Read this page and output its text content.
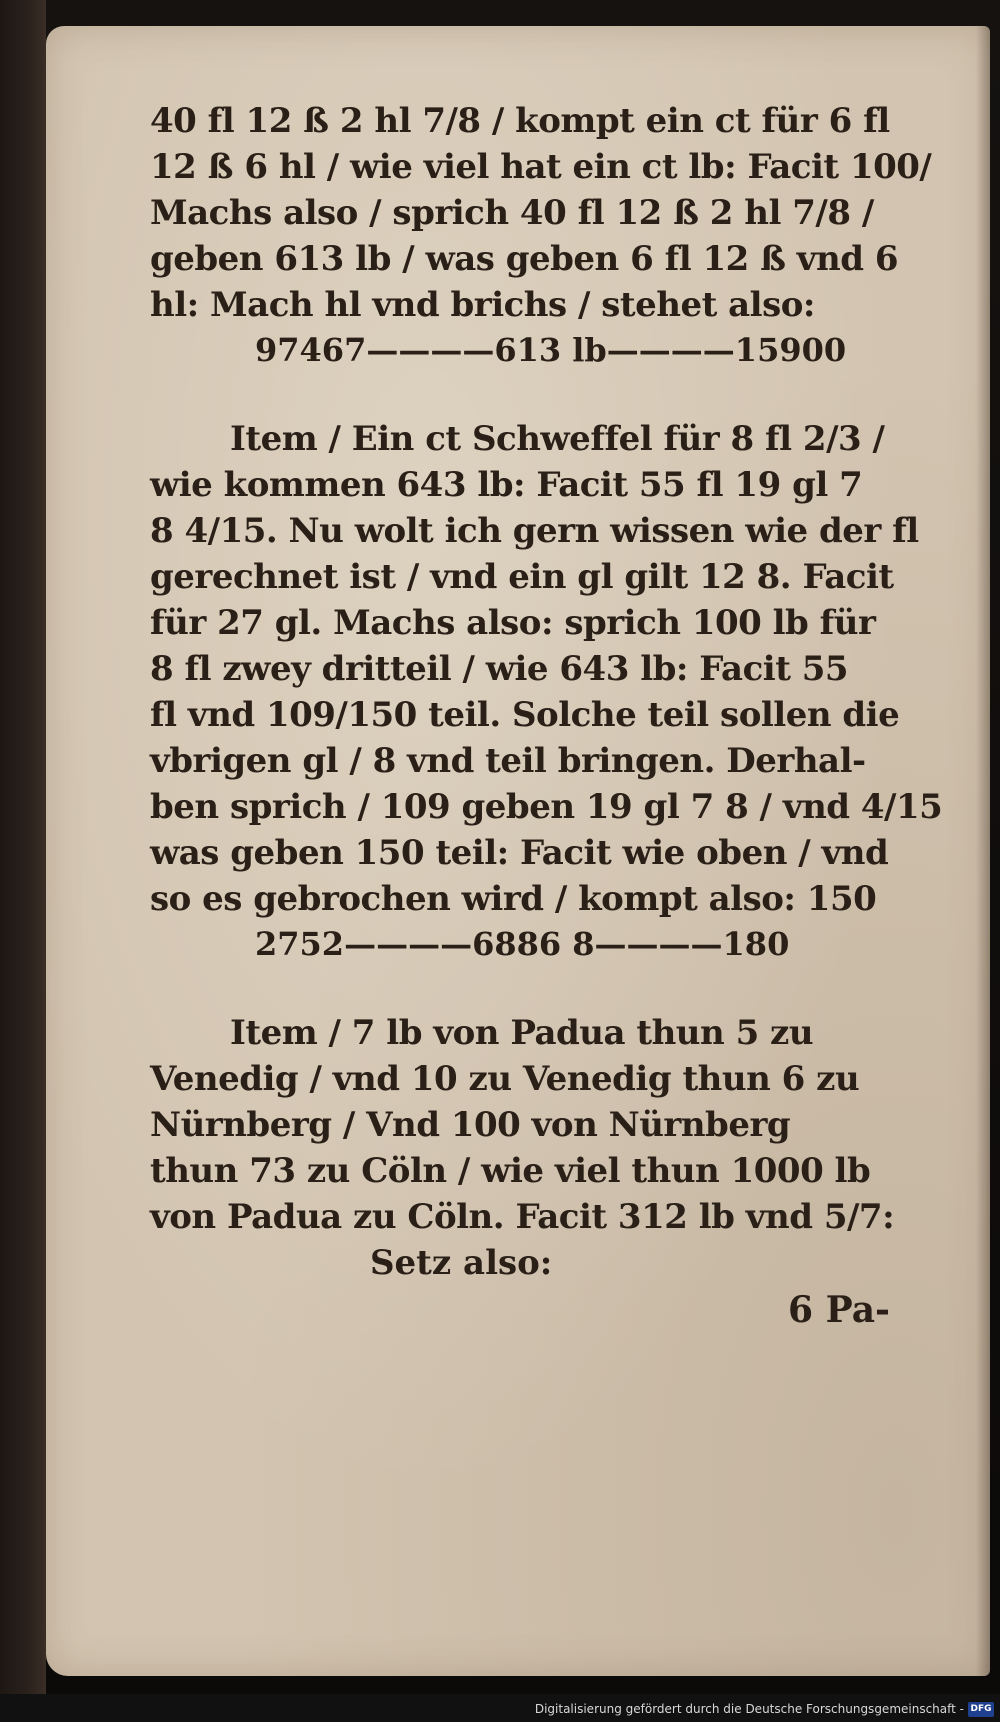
40 fl 12 ß 2 hl 7/8 / kompt ein ct für 6 fl
12 ß 6 hl / wie viel hat ein ct lb: Facit 100/
Machs also / sprich 40 fl 12 ß 2 hl 7/8 /
geben 613 lb / was geben 6 fl 12 ß vnd 6
hl: Mach hl vnd brichs / stehet also:
97467————613 lb————15900
Item / Ein ct Schweffel für 8 fl 2/3 /
wie kommen 643 lb: Facit 55 fl 19 gl 7
8 4/15. Nu wolt ich gern wissen wie der fl
gerechnet ist / vnd ein gl gilt 12 8. Facit
für 27 gl. Machs also: sprich 100 lb für
8 fl zwey dritteil / wie 643 lb: Facit 55
fl vnd 109/150 teil. Solche teil sollen die
vbrigen gl / 8 vnd teil bringen. Derhal-
ben sprich / 109 geben 19 gl 7 8 / vnd 4/15
was geben 150 teil: Facit wie oben / vnd
so es gebrochen wird / kompt also: 150
2752————6886 8————180
Item / 7 lb von Padua thun 5 zu
Venedig / vnd 10 zu Venedig thun 6 zu
Nürnberg / Vnd 100 von Nürnberg
thun 73 zu Cöln / wie viel thun 1000 lb
von Padua zu Cöln. Facit 312 lb vnd 5/7:
Setz also:
6 Pa-
Digitalisierung gefördert durch die Deutsche Forschungsgemeinschaft - DFG
